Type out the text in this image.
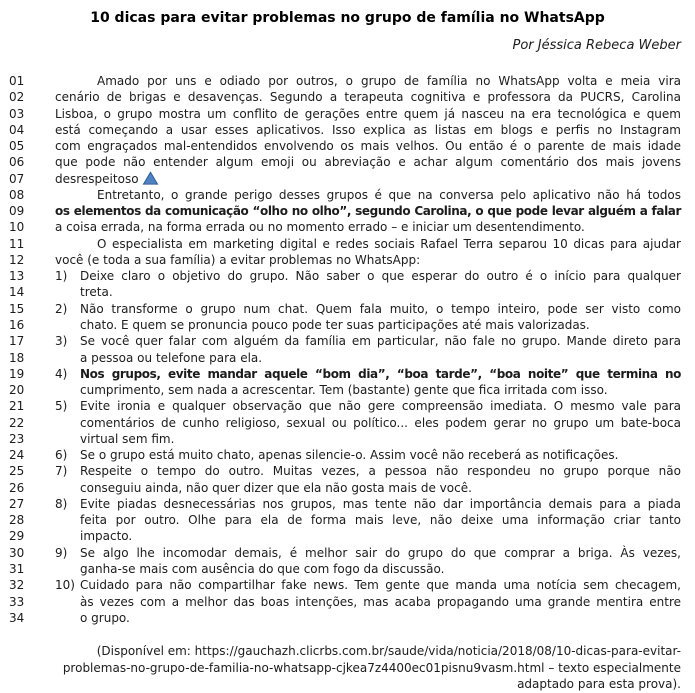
10 dicas para evitar problemas no grupo de família no WhatsApp
Por Jéssica Rebeca Weber
01	Amado por uns e odiado por outros, o grupo de família no WhatsApp volta e meia vira
02	cenário de brigas e desavenças. Segundo a terapeuta cognitiva e professora da PUCRS, Carolina
03	Lisboa, o grupo mostra um conflito de gerações entre quem já nasceu na era tecnológica e quem
04	está começando a usar esses aplicativos. Isso explica as listas em blogs e perfis no Instagram
05	com engraçados mal-entendidos envolvendo os mais velhos. Ou então é o parente de mais idade
06	que pode não entender algum emoji ou abreviação e achar algum comentário dos mais jovens
07	desrespeitoso
08	Entretanto, o grande perigo desses grupos é que na conversa pelo aplicativo não há todos
09	os elementos da comunicação “olho no olho”, segundo Carolina, o que pode levar alguém a falar
10	a coisa errada, na forma errada ou no momento errado – e iniciar um desentendimento.
11	O especialista em marketing digital e redes sociais Rafael Terra separou 10 dicas para ajudar
12	você (e toda a sua família) a evitar problemas no WhatsApp:
13	1)	Deixe claro o objetivo do grupo. Não saber o que esperar do outro é o início para qualquer
14	treta.
15	2)	Não transforme o grupo num chat. Quem fala muito, o tempo inteiro, pode ser visto como
16	chato. E quem se pronuncia pouco pode ter suas participações até mais valorizadas.
17	3)	Se você quer falar com alguém da família em particular, não fale no grupo. Mande direto para
18	a pessoa ou telefone para ela.
19	4)	Nos grupos, evite mandar aquele “bom dia”, “boa tarde”, “boa noite” que termina no
20	cumprimento, sem nada a acrescentar. Tem (bastante) gente que fica irritada com isso.
21	5)	Evite ironia e qualquer observação que não gere compreensão imediata. O mesmo vale para
22	comentários de cunho religioso, sexual ou político... eles podem gerar no grupo um bate-boca
23	virtual sem fim.
24	6)	Se o grupo está muito chato, apenas silencie-o. Assim você não receberá as notificações.
25	7)	Respeite o tempo do outro. Muitas vezes, a pessoa não respondeu no grupo porque não
26	conseguiu ainda, não quer dizer que ela não gosta mais de você.
27	8)	Evite piadas desnecessárias nos grupos, mas tente não dar importância demais para a piada
28	feita por outro. Olhe para ela de forma mais leve, não deixe uma informação criar tanto
29	impacto.
30	9)	Se algo lhe incomodar demais, é melhor sair do grupo do que comprar a briga. Às vezes,
31	ganha-se mais com ausência do que com fogo da discussão.
32	10) Cuidado para não compartilhar fake news. Tem gente que manda uma notícia sem checagem,
33	às vezes com a melhor das boas intenções, mas acaba propagando uma grande mentira entre
34	o grupo.
(Disponível em: https://gauchazh.clicrbs.com.br/saude/vida/noticia/2018/08/10-dicas-para-evitar-
problemas-no-grupo-de-familia-no-whatsapp-cjkea7z4400ec01pisnu9vasm.html – texto especialmente
adaptado para esta prova).
